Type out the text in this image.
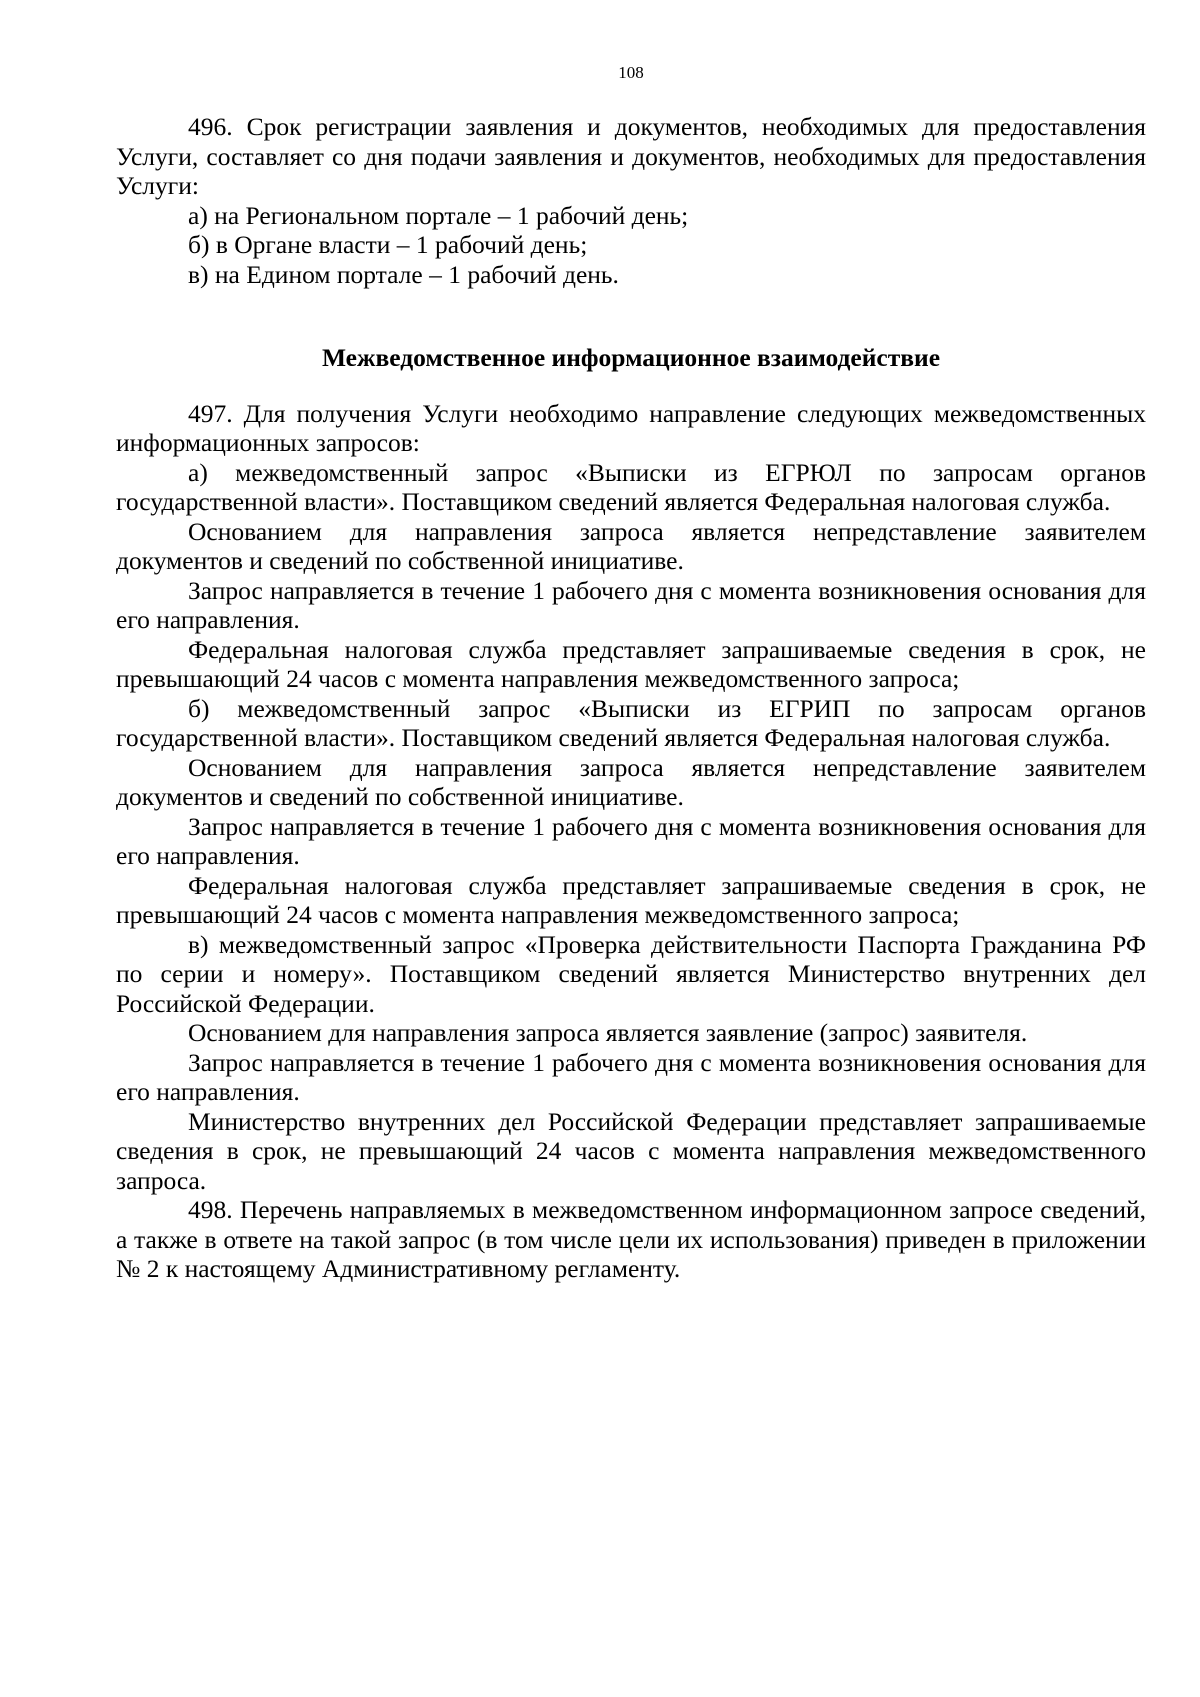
108

496. Срок регистрации заявления и документов, необходимых для предоставления Услуги, составляет со дня подачи заявления и документов, необходимых для предоставления Услуги:

а) на Региональном портале – 1 рабочий день;

б) в Органе власти – 1 рабочий день;

в) на Едином портале – 1 рабочий день.

Межведомственное информационное взаимодействие

497. Для получения Услуги необходимо направление следующих межведомственных информационных запросов:

а) межведомственный запрос «Выписки из ЕГРЮЛ по запросам органов государственной власти». Поставщиком сведений является Федеральная налоговая служба.

Основанием для направления запроса является непредставление заявителем документов и сведений по собственной инициативе.

Запрос направляется в течение 1 рабочего дня с момента возникновения основания для его направления.

Федеральная налоговая служба представляет запрашиваемые сведения в срок, не превышающий 24 часов с момента направления межведомственного запроса;

б) межведомственный запрос «Выписки из ЕГРИП по запросам органов государственной власти». Поставщиком сведений является Федеральная налоговая служба.

Основанием для направления запроса является непредставление заявителем документов и сведений по собственной инициативе.

Запрос направляется в течение 1 рабочего дня с момента возникновения основания для его направления.

Федеральная налоговая служба представляет запрашиваемые сведения в срок, не превышающий 24 часов с момента направления межведомственного запроса;

в) межведомственный запрос «Проверка действительности Паспорта Гражданина РФ по серии и номеру». Поставщиком сведений является Министерство внутренних дел Российской Федерации.

Основанием для направления запроса является заявление (запрос) заявителя.

Запрос направляется в течение 1 рабочего дня с момента возникновения основания для его направления.

Министерство внутренних дел Российской Федерации представляет запрашиваемые сведения в срок, не превышающий 24 часов с момента направления межведомственного запроса.

498. Перечень направляемых в межведомственном информационном запросе сведений, а также в ответе на такой запрос (в том числе цели их использования) приведен в приложении № 2 к настоящему Административному регламенту.
